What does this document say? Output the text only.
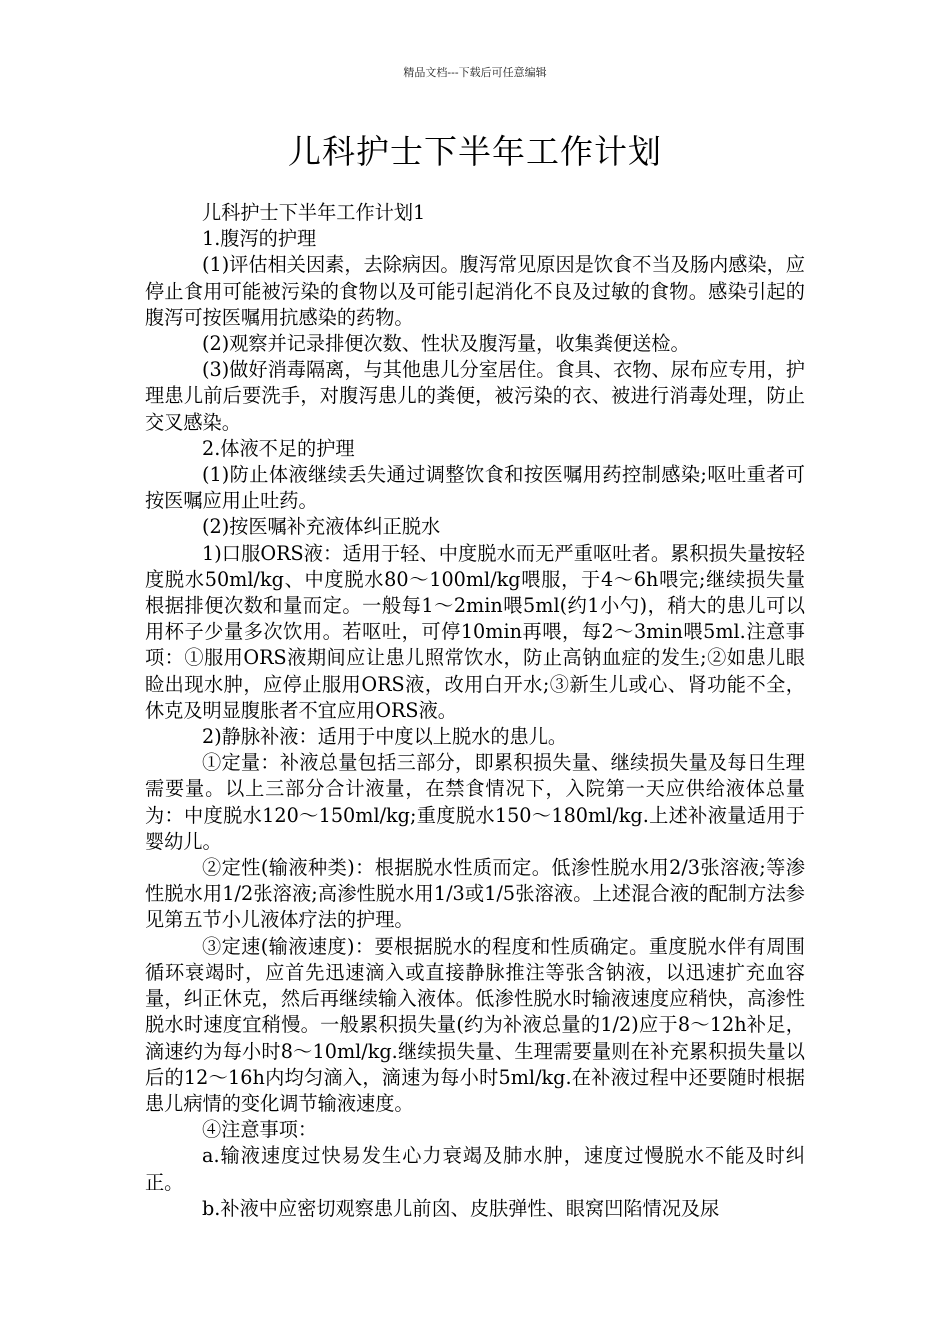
精品文档---下载后可任意编辑
儿科护士下半年工作计划

儿科护士下半年工作计划1

1.腹泻的护理

(1)评估相关因素，去除病因。腹泻常见原因是饮食不当及肠内感染，应停止食用可能被污染的食物以及可能引起消化不良及过敏的食物。感染引起的腹泻可按医嘱用抗感染的药物。

(2)观察并记录排便次数、性状及腹泻量，收集粪便送检。

(3)做好消毒隔离，与其他患儿分室居住。食具、衣物、尿布应专用，护理患儿前后要洗手，对腹泻患儿的粪便，被污染的衣、被进行消毒处理，防止交叉感染。

2.体液不足的护理

(1)防止体液继续丢失通过调整饮食和按医嘱用药控制感染;呕吐重者可按医嘱应用止吐药。

(2)按医嘱补充液体纠正脱水

1)口服ORS液：适用于轻、中度脱水而无严重呕吐者。累积损失量按轻度脱水50ml/kg、中度脱水80～100ml/kg喂服，于4～6h喂完;继续损失量根据排便次数和量而定。一般每1～2min喂5ml(约1小勺)，稍大的患儿可以用杯子少量多次饮用。若呕吐，可停10min再喂，每2～3min喂5ml.注意事项：①服用ORS液期间应让患儿照常饮水，防止高钠血症的发生;②如患儿眼睑出现水肿，应停止服用ORS液，改用白开水;③新生儿或心、肾功能不全，休克及明显腹胀者不宜应用ORS液。

2)静脉补液：适用于中度以上脱水的患儿。

①定量：补液总量包括三部分，即累积损失量、继续损失量及每日生理需要量。以上三部分合计液量，在禁食情况下，入院第一天应供给液体总量为：中度脱水120～150ml/kg;重度脱水150～180ml/kg.上述补液量适用于婴幼儿。

②定性(输液种类)：根据脱水性质而定。低渗性脱水用2/3张溶液;等渗性脱水用1/2张溶液;高渗性脱水用1/3或1/5张溶液。上述混合液的配制方法参见第五节小儿液体疗法的护理。

③定速(输液速度)：要根据脱水的程度和性质确定。重度脱水伴有周围循环衰竭时，应首先迅速滴入或直接静脉推注等张含钠液，以迅速扩充血容量，纠正休克，然后再继续输入液体。低渗性脱水时输液速度应稍快，高渗性脱水时速度宜稍慢。一般累积损失量(约为补液总量的1/2)应于8～12h补足，滴速约为每小时8～10ml/kg.继续损失量、生理需要量则在补充累积损失量以后的12～16h内均匀滴入，滴速为每小时5ml/kg.在补液过程中还要随时根据患儿病情的变化调节输液速度。

④注意事项：

a.输液速度过快易发生心力衰竭及肺水肿，速度过慢脱水不能及时纠正。

b.补液中应密切观察患儿前囟、皮肤弹性、眼窝凹陷情况及尿
